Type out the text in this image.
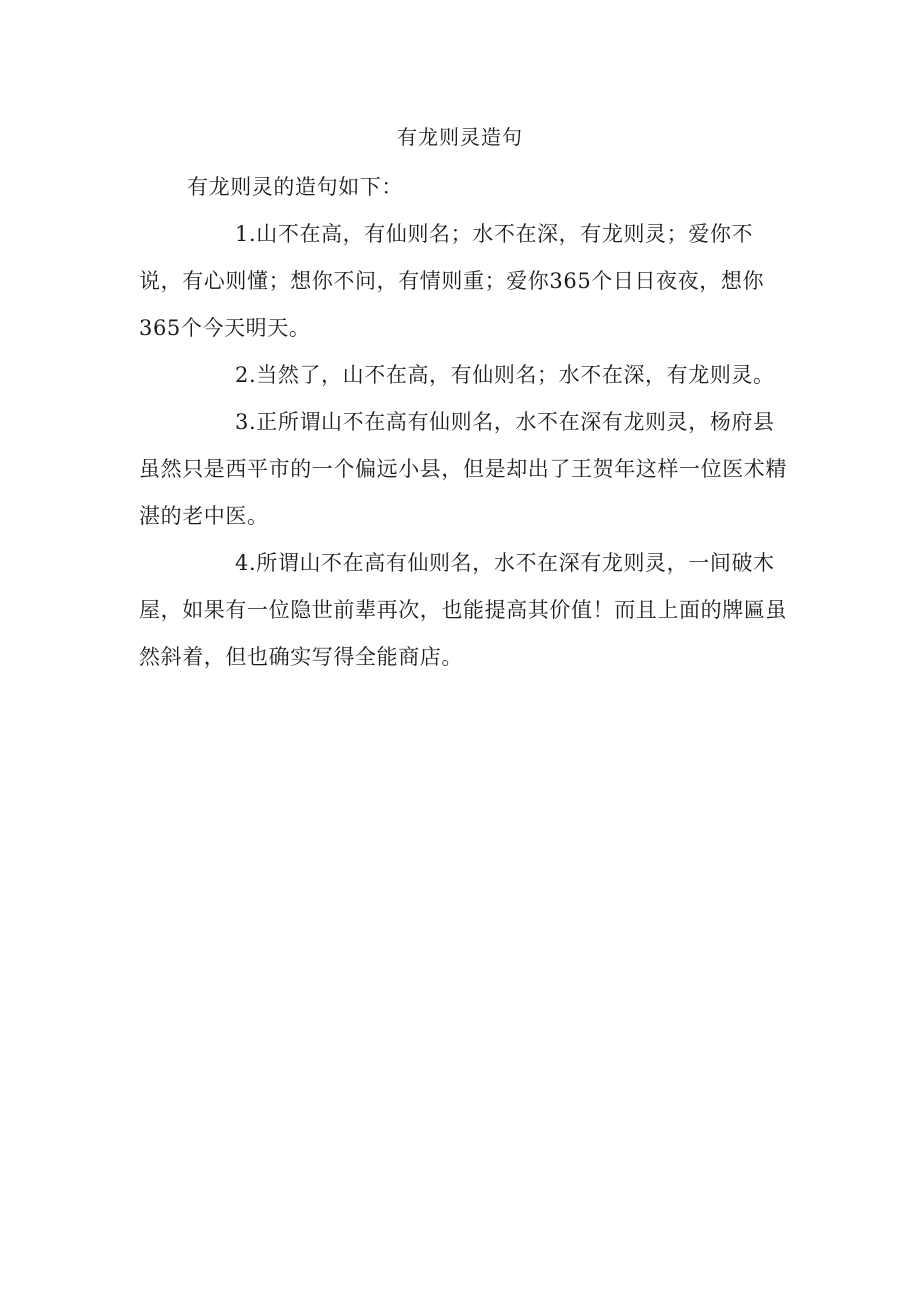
有龙则灵造句

有龙则灵的造句如下：

1.山不在高，有仙则名；水不在深，有龙则灵；爱你不说，有心则懂；想你不问，有情则重；爱你365个日日夜夜，想你365个今天明天。

2.当然了，山不在高，有仙则名；水不在深，有龙则灵。

3.正所谓山不在高有仙则名，水不在深有龙则灵，杨府县虽然只是西平市的一个偏远小县，但是却出了王贺年这样一位医术精湛的老中医。

4.所谓山不在高有仙则名，水不在深有龙则灵，一间破木屋，如果有一位隐世前辈再次，也能提高其价值！而且上面的牌匾虽然斜着，但也确实写得全能商店。
